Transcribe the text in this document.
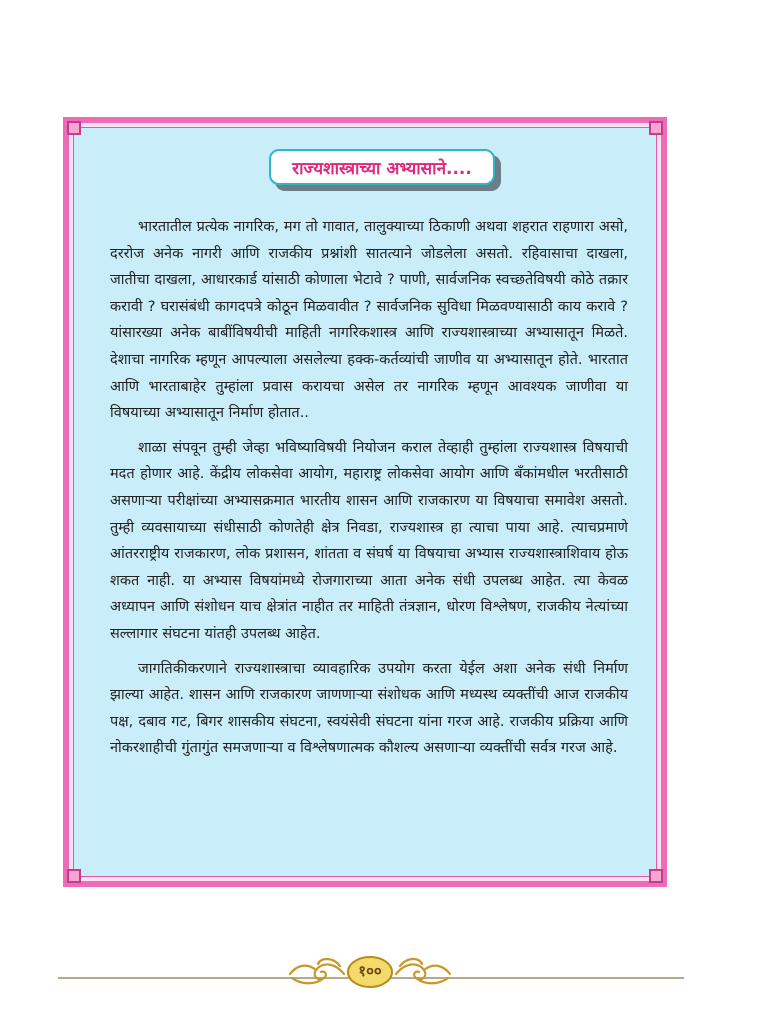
राज्यशास्त्राच्या अभ्यासाने....

भारतातील प्रत्येक नागरिक, मग तो गावात, तालुक्याच्या ठिकाणी अथवा शहरात राहणारा असो, दररोज अनेक नागरी आणि राजकीय प्रश्नांशी सातत्याने जोडलेला असतो. रहिवासाचा दाखला, जातीचा दाखला, आधारकार्ड यांसाठी कोणाला भेटावे ? पाणी, सार्वजनिक स्वच्छतेविषयी कोठे तक्रार करावी ? घरासंबंधी कागदपत्रे कोठून मिळवावीत ? सार्वजनिक सुविधा मिळवण्यासाठी काय करावे ? यांसारख्या अनेक बाबींविषयीची माहिती नागरिकशास्त्र आणि राज्यशास्त्राच्या अभ्यासातून मिळते. देशाचा नागरिक म्हणून आपल्याला असलेल्या हक्क-कर्तव्यांची जाणीव या अभ्यासातून होते. भारतात आणि भारताबाहेर तुम्हांला प्रवास करायचा असेल तर नागरिक म्हणून आवश्यक जाणीवा या विषयाच्या अभ्यासातून निर्माण होतात..

शाळा संपवून तुम्ही जेव्हा भविष्याविषयी नियोजन कराल तेव्हाही तुम्हांला राज्यशास्त्र विषयाची मदत होणार आहे. केंद्रीय लोकसेवा आयोग, महाराष्ट्र लोकसेवा आयोग आणि बँकांमधील भरतीसाठी असणाऱ्या परीक्षांच्या अभ्यासक्रमात भारतीय शासन आणि राजकारण या विषयाचा समावेश असतो. तुम्ही व्यवसायाच्या संधीसाठी कोणतेही क्षेत्र निवडा, राज्यशास्त्र हा त्याचा पाया आहे. त्याचप्रमाणे आंतरराष्ट्रीय राजकारण, लोक प्रशासन, शांतता व संघर्ष या विषयाचा अभ्यास राज्यशास्त्राशिवाय होऊ शकत नाही. या अभ्यास विषयांमध्ये रोजगाराच्या आता अनेक संधी उपलब्ध आहेत. त्या केवळ अध्यापन आणि संशोधन याच क्षेत्रांत नाहीत तर माहिती तंत्रज्ञान, धोरण विश्लेषण, राजकीय नेत्यांच्या सल्लागार संघटना यांतही उपलब्ध आहेत.

जागतिकीकरणाने राज्यशास्त्राचा व्यावहारिक उपयोग करता येईल अशा अनेक संधी निर्माण झाल्या आहेत. शासन आणि राजकारण जाणणाऱ्या संशोधक आणि मध्यस्थ व्यक्तींची आज राजकीय पक्ष, दबाव गट, बिगर शासकीय संघटना, स्वयंसेवी संघटना यांना गरज आहे. राजकीय प्रक्रिया आणि नोकरशाहीची गुंतागुंत समजणाऱ्या व विश्लेषणात्मक कौशल्य असणाऱ्या व्यक्तींची सर्वत्र गरज आहे.

१००
